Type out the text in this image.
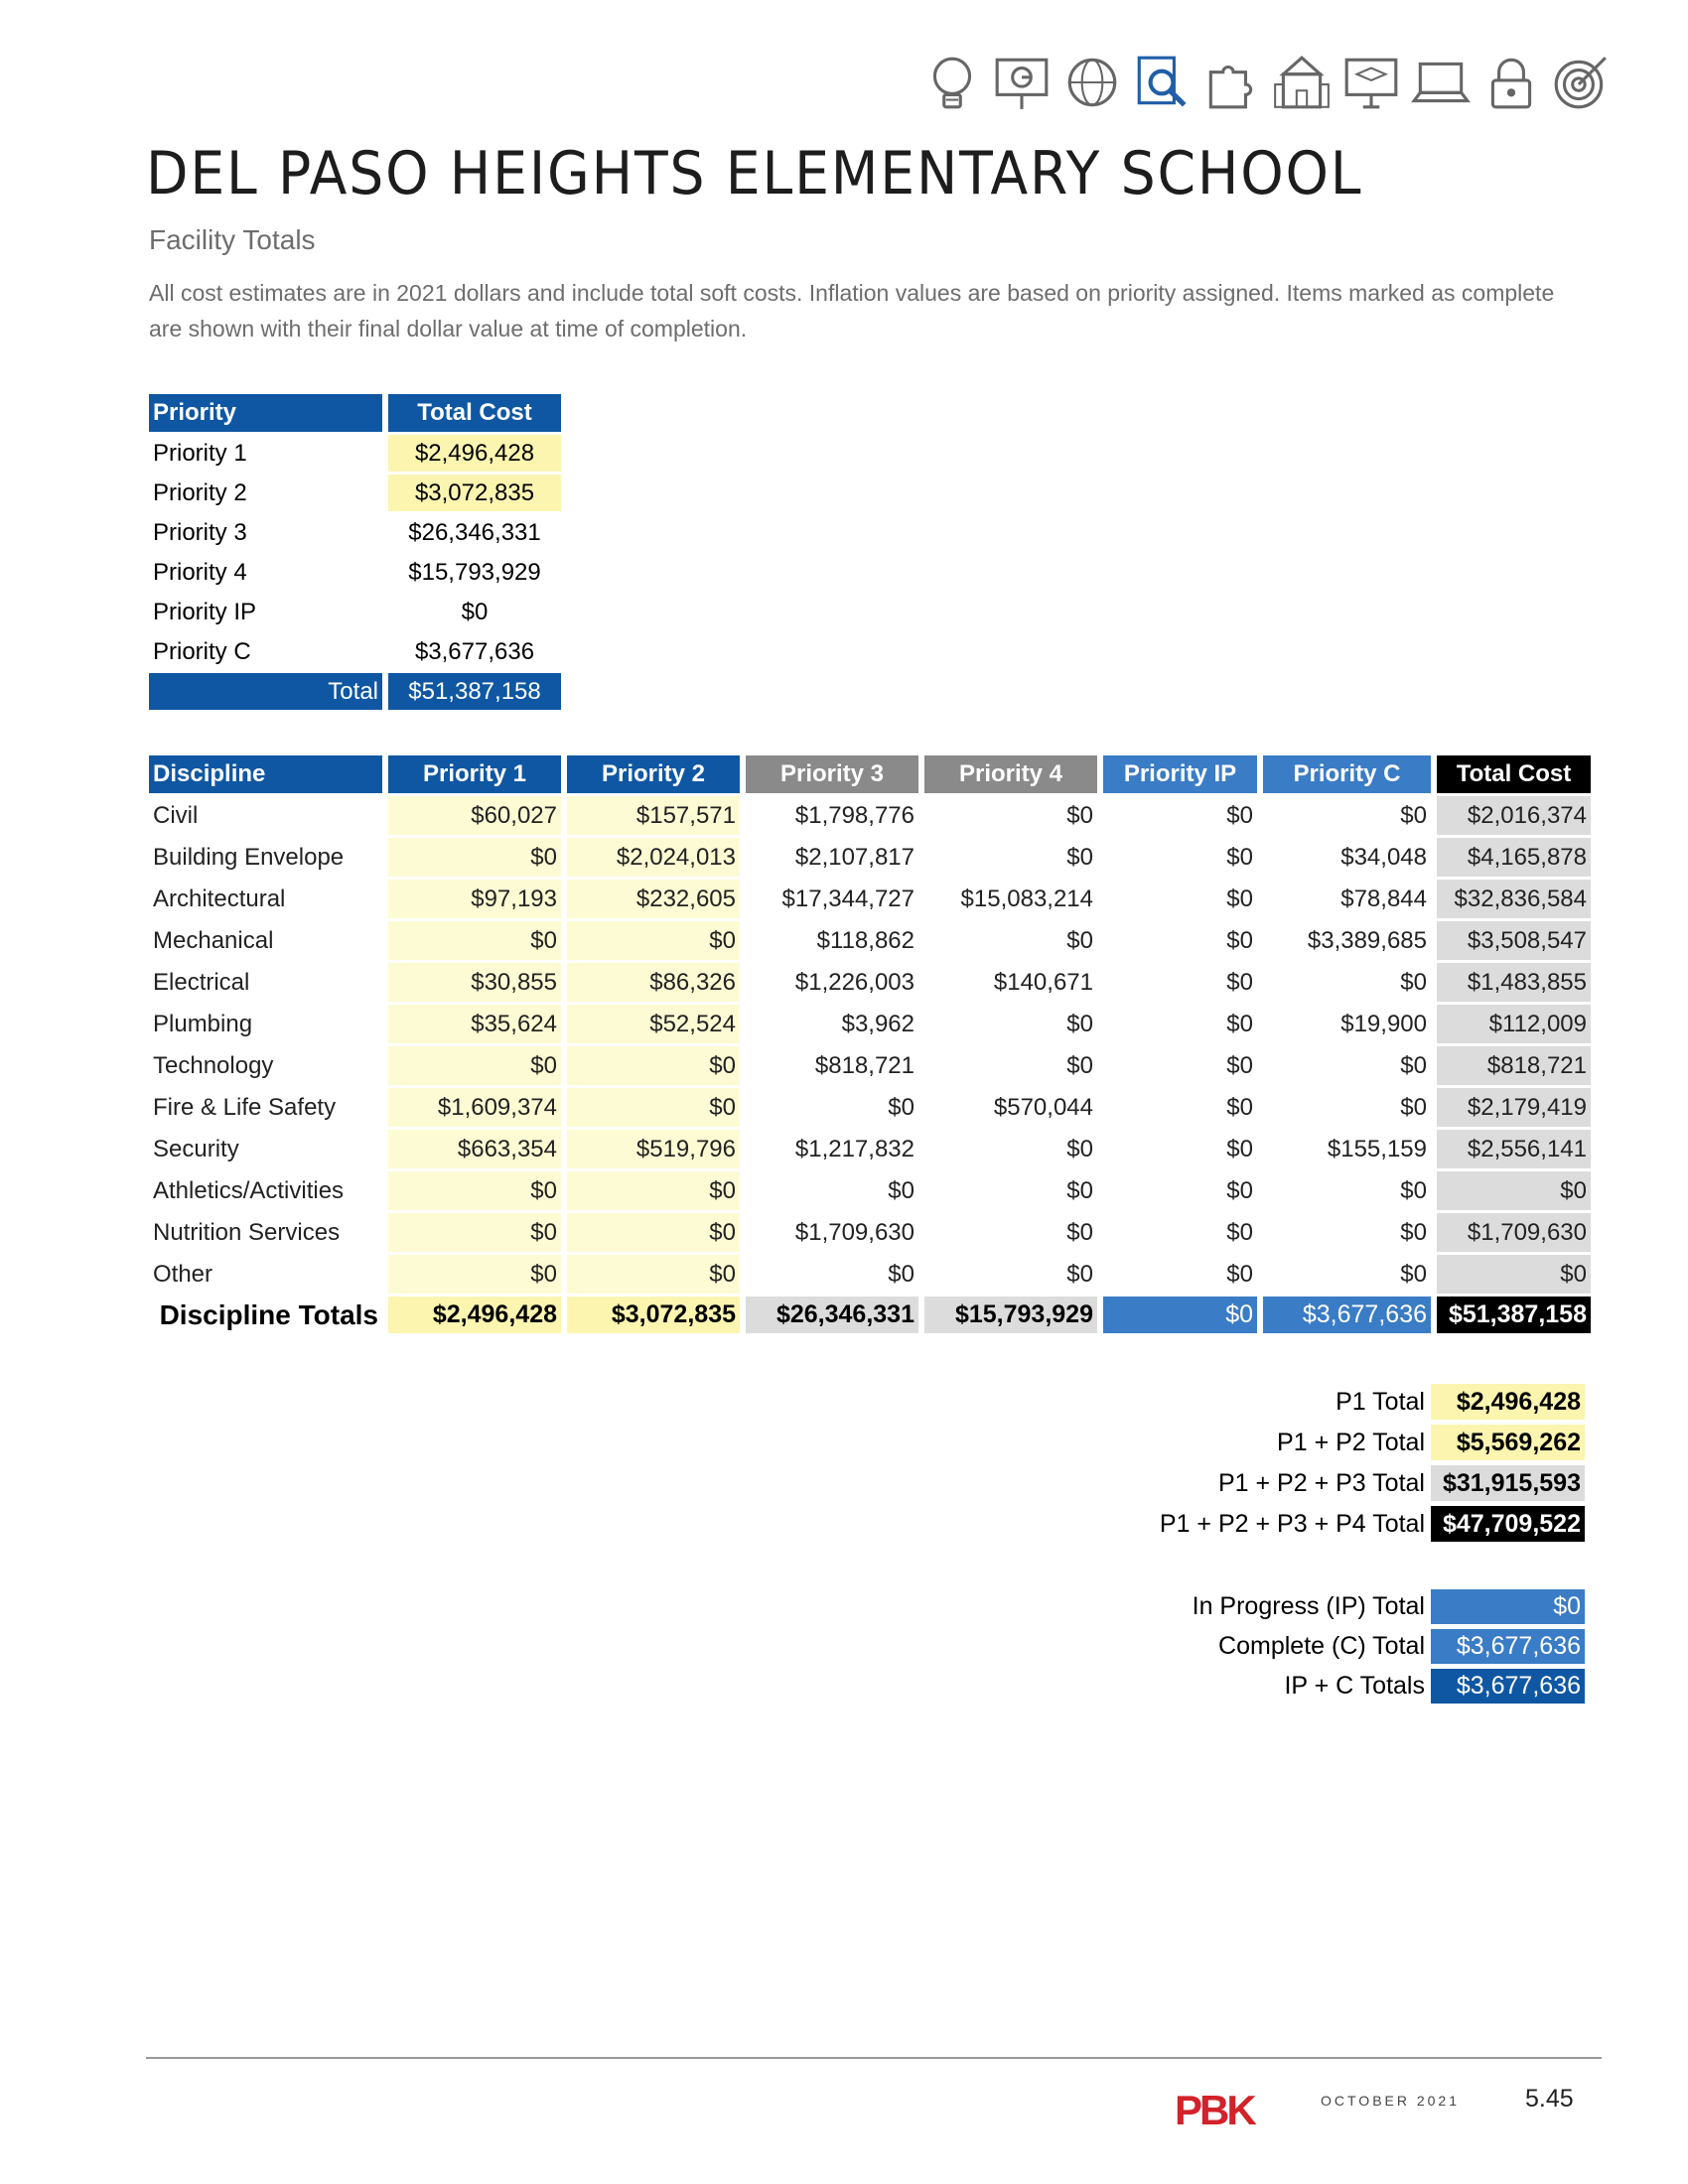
DEL PASO HEIGHTS ELEMENTARY SCHOOL
Facility Totals
All cost estimates are in 2021 dollars and include total soft costs. Inflation values are based on priority assigned. Items marked as complete are shown with their final dollar value at time of completion.
Priority	Total Cost
Priority 1	$2,496,428
Priority 2	$3,072,835
Priority 3	$26,346,331
Priority 4	$15,793,929
Priority IP	$0
Priority C	$3,677,636
Total	$51,387,158
Discipline	Priority 1	Priority 2	Priority 3	Priority 4	Priority IP	Priority C	Total Cost
Civil	$60,027	$157,571	$1,798,776	$0	$0	$0	$2,016,374
Building Envelope	$0	$2,024,013	$2,107,817	$0	$0	$34,048	$4,165,878
Architectural	$97,193	$232,605	$17,344,727	$15,083,214	$0	$78,844	$32,836,584
Mechanical	$0	$0	$118,862	$0	$0	$3,389,685	$3,508,547
Electrical	$30,855	$86,326	$1,226,003	$140,671	$0	$0	$1,483,855
Plumbing	$35,624	$52,524	$3,962	$0	$0	$19,900	$112,009
Technology	$0	$0	$818,721	$0	$0	$0	$818,721
Fire & Life Safety	$1,609,374	$0	$0	$570,044	$0	$0	$2,179,419
Security	$663,354	$519,796	$1,217,832	$0	$0	$155,159	$2,556,141
Athletics/Activities	$0	$0	$0	$0	$0	$0	$0
Nutrition Services	$0	$0	$1,709,630	$0	$0	$0	$1,709,630
Other	$0	$0	$0	$0	$0	$0	$0
Discipline Totals	$2,496,428	$3,072,835	$26,346,331	$15,793,929	$0	$3,677,636	$51,387,158
P1 Total	$2,496,428
P1 + P2 Total	$5,569,262
P1 + P2 + P3 Total	$31,915,593
P1 + P2 + P3 + P4 Total	$47,709,522
In Progress (IP) Total	$0
Complete (C) Total	$3,677,636
IP + C Totals	$3,677,636
PBK	OCTOBER 2021	5.45
